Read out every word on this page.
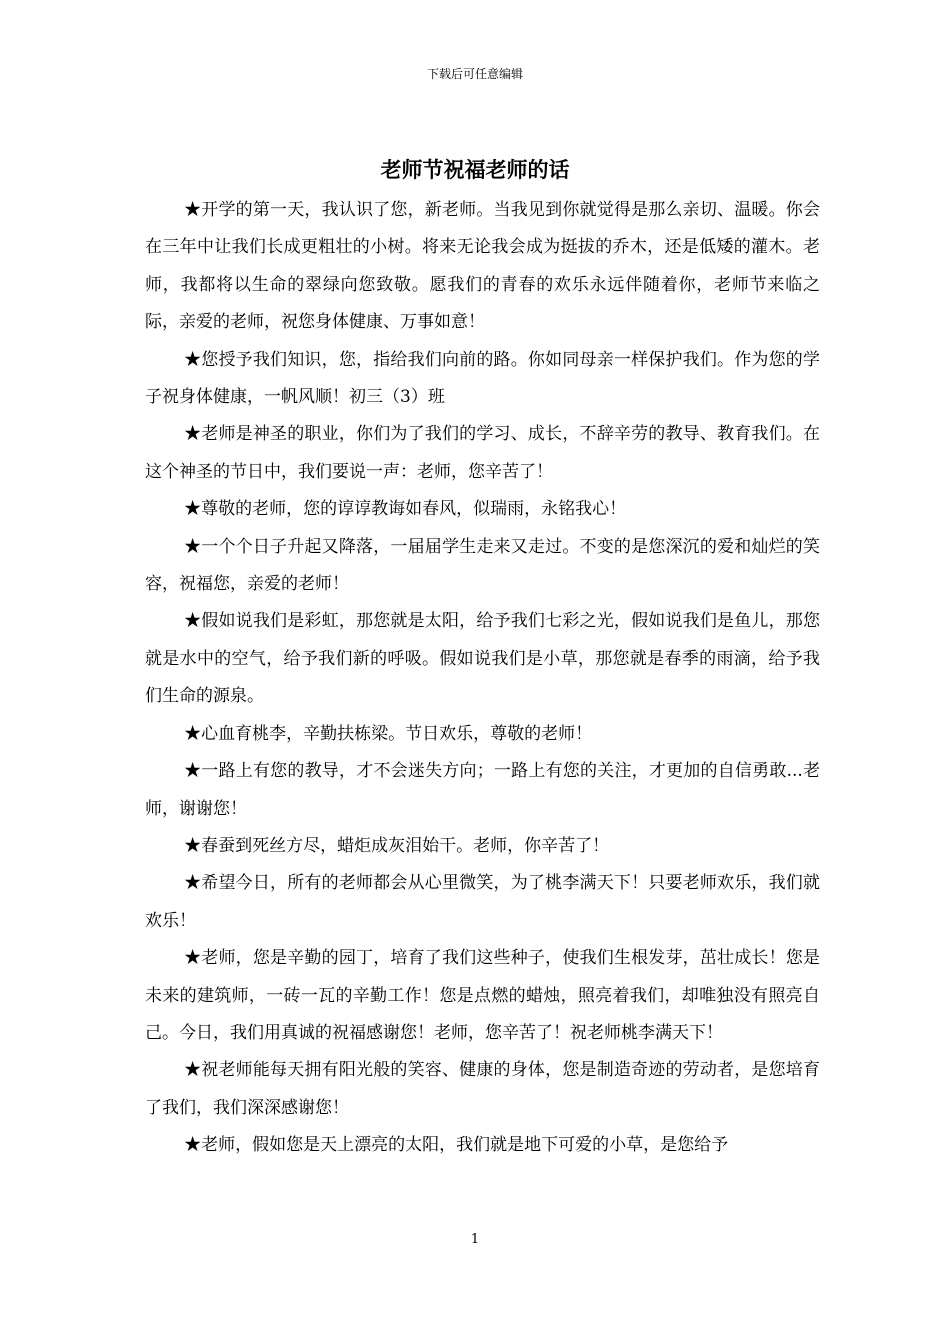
下载后可任意编辑
老师节祝福老师的话

★开学的第一天，我认识了您，新老师。当我见到你就觉得是那么亲切、温暖。你会在三年中让我们长成更粗壮的小树。将来无论我会成为挺拔的乔木，还是低矮的灌木。老师，我都将以生命的翠绿向您致敬。愿我们的青春的欢乐永远伴随着你，老师节来临之际，亲爱的老师，祝您身体健康、万事如意！

★您授予我们知识，您，指给我们向前的路。你如同母亲一样保护我们。作为您的学子祝身体健康，一帆风顺！初三（3）班

★老师是神圣的职业，你们为了我们的学习、成长，不辞辛劳的教导、教育我们。在这个神圣的节日中，我们要说一声：老师，您辛苦了！

★尊敬的老师，您的谆谆教诲如春风，似瑞雨，永铭我心！

★一个个日子升起又降落，一届届学生走来又走过。不变的是您深沉的爱和灿烂的笑容，祝福您，亲爱的老师！

★假如说我们是彩虹，那您就是太阳，给予我们七彩之光，假如说我们是鱼儿，那您就是水中的空气，给予我们新的呼吸。假如说我们是小草，那您就是春季的雨滴，给予我们生命的源泉。

★心血育桃李，辛勤扶栋梁。节日欢乐，尊敬的老师！

★一路上有您的教导，才不会迷失方向；一路上有您的关注，才更加的自信勇敢...老师，谢谢您！

★春蚕到死丝方尽，蜡炬成灰泪始干。老师，你辛苦了！

★希望今日，所有的老师都会从心里微笑，为了桃李满天下！只要老师欢乐，我们就欢乐！

★老师，您是辛勤的园丁，培育了我们这些种子，使我们生根发芽，茁壮成长！您是未来的建筑师，一砖一瓦的辛勤工作！您是点燃的蜡烛，照亮着我们，却唯独没有照亮自己。今日，我们用真诚的祝福感谢您！老师，您辛苦了！祝老师桃李满天下！

★祝老师能每天拥有阳光般的笑容、健康的身体，您是制造奇迹的劳动者，是您培育了我们，我们深深感谢您！

★老师，假如您是天上漂亮的太阳，我们就是地下可爱的小草，是您给予

1
